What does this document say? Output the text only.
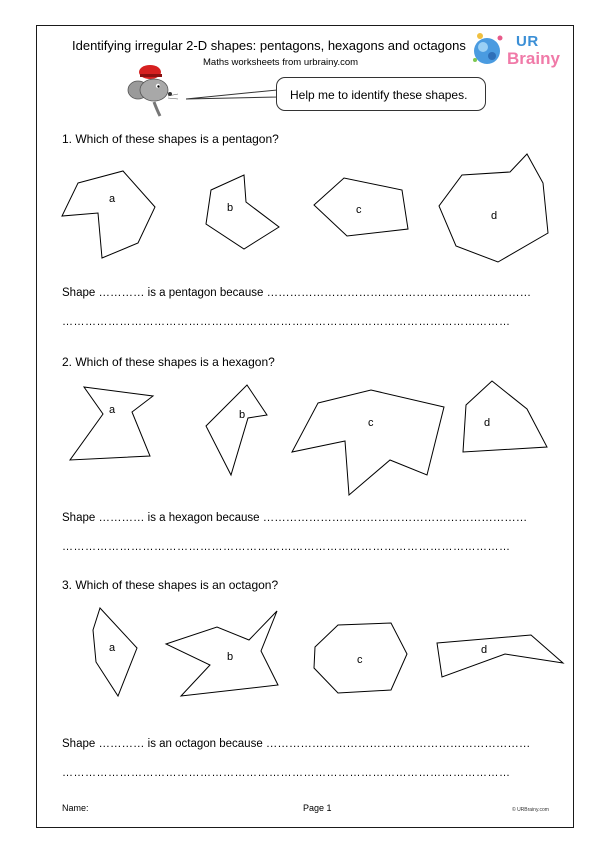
Identifying irregular 2-D shapes: pentagons, hexagons and octagons
Maths worksheets from urbrainy.com
UR
Brainy
Help me to identify these shapes.
1. Which of these shapes is a pentagon?
a
b	c	d
a	b
c	d
a
b	c
d
Shape ………… is a pentagon because ……………………………………………………………
………………………………………………………………………………………………………
2. Which of these shapes is a hexagon?
Shape ………… is a hexagon because ……………………………………………………………
………………………………………………………………………………………………………
3. Which of these shapes is an octagon?
Shape ………… is an octagon because ……………………………………………………………
………………………………………………………………………………………………………
Name:	Page 1	© URBrainy.com
